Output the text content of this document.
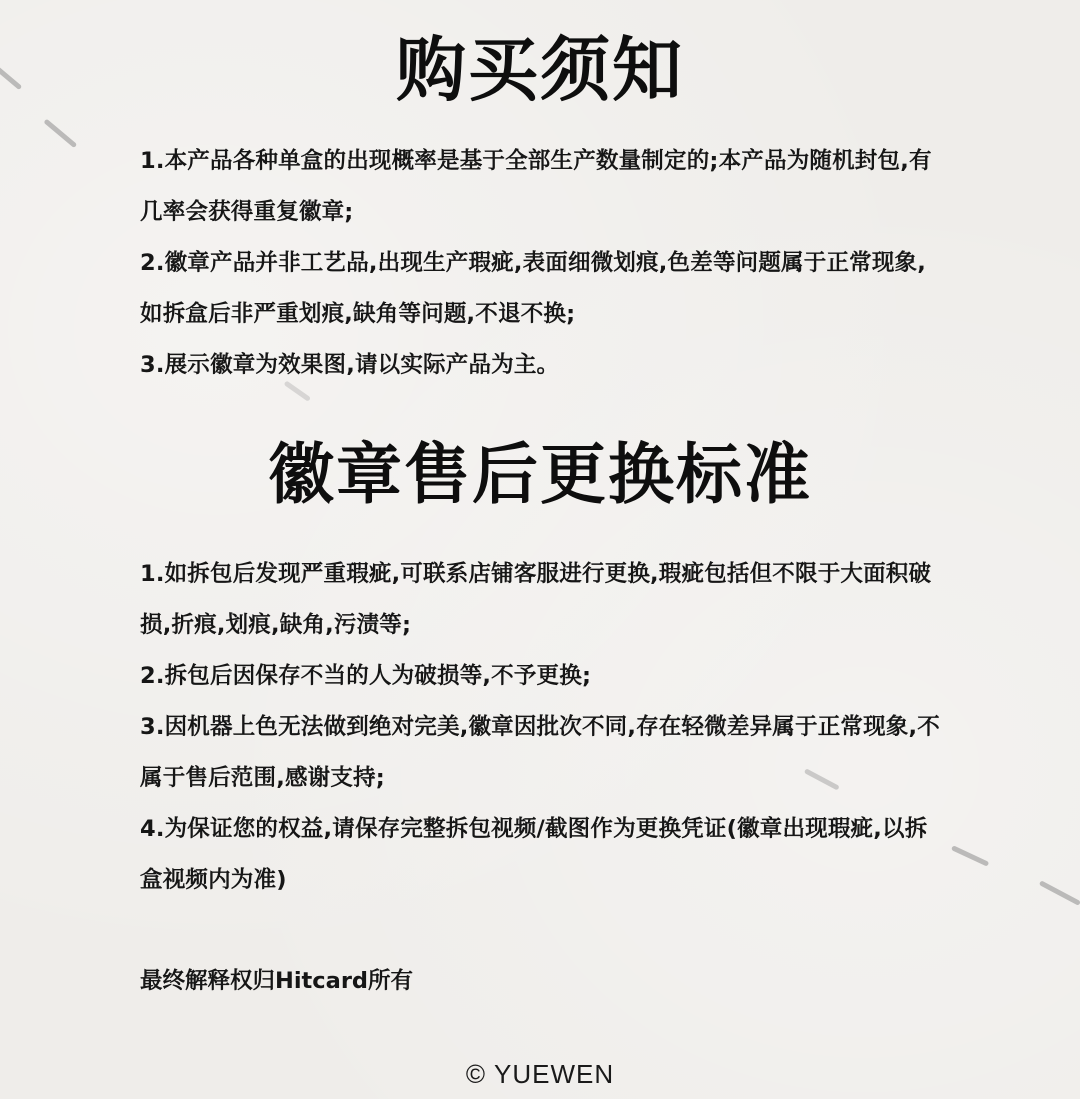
购买须知

1.本产品各种单盒的出现概率是基于全部生产数量制定的;本产品为随机封包,有几率会获得重复徽章;

2.徽章产品并非工艺品,出现生产瑕疵,表面细微划痕,色差等问题属于正常现象,如拆盒后非严重划痕,缺角等问题,不退不换;

3.展示徽章为效果图,请以实际产品为主。

徽章售后更换标准

1.如拆包后发现严重瑕疵,可联系店铺客服进行更换,瑕疵包括但不限于大面积破损,折痕,划痕,缺角,污渍等;

2.拆包后因保存不当的人为破损等,不予更换;

3.因机器上色无法做到绝对完美,徽章因批次不同,存在轻微差异属于正常现象,不属于售后范围,感谢支持;

4.为保证您的权益,请保存完整拆包视频/截图作为更换凭证(徽章出现瑕疵,以拆盒视频内为准)

最终解释权归Hitcard所有

© YUEWEN
